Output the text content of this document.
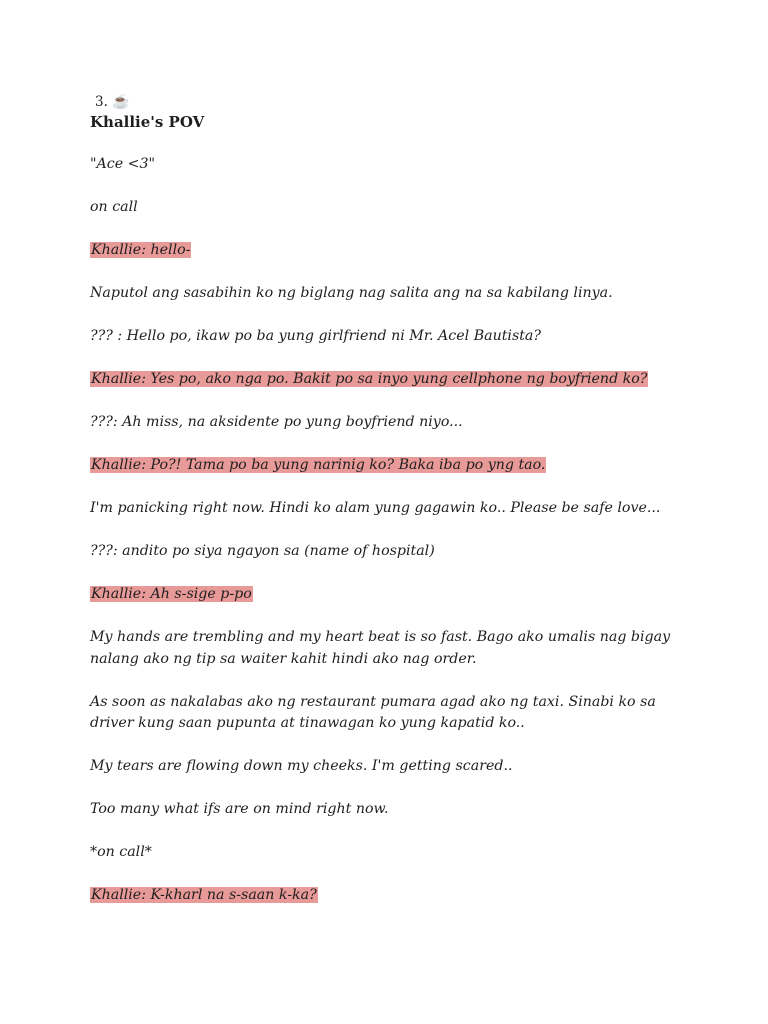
3. ☕
Khallie's POV
"Ace <3"
on call
Khallie: hello-
Naputol ang sasabihin ko ng biglang nag salita ang na sa kabilang linya.
??? : Hello po, ikaw po ba yung girlfriend ni Mr. Acel Bautista?
Khallie: Yes po, ako nga po. Bakit po sa inyo yung cellphone ng boyfriend ko?
???: Ah miss, na aksidente po yung boyfriend niyo...
Khallie: Po?! Tama po ba yung narinig ko? Baka iba po yng tao.
I'm panicking right now. Hindi ko alam yung gagawin ko.. Please be safe love...
???: andito po siya ngayon sa (name of hospital)
Khallie: Ah s-sige p-po
My hands are trembling and my heart beat is so fast. Bago ako umalis nag bigay nalang ako ng tip sa waiter kahit hindi ako nag order.
As soon as nakalabas ako ng restaurant pumara agad ako ng taxi. Sinabi ko sa driver kung saan pupunta at tinawagan ko yung kapatid ko..
My tears are flowing down my cheeks. I'm getting scared..
Too many what ifs are on mind right now.
*on call*
Khallie: K-kharl na s-saan k-ka?
